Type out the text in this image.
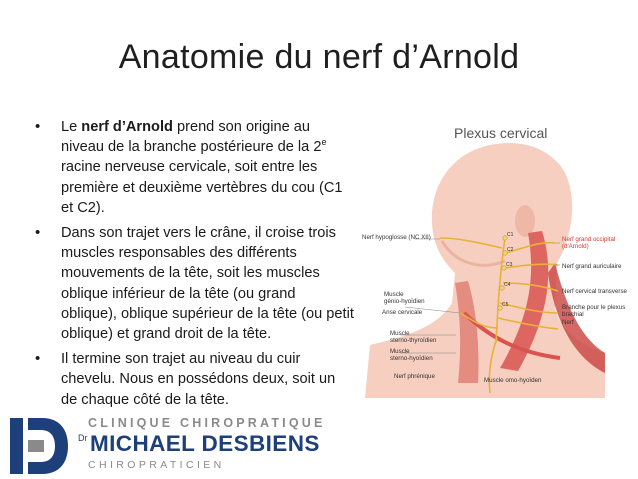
Anatomie du nerf d’Arnold
• Le nerf d’Arnold prend son origine au niveau de la branche postérieure de la 2e racine nerveuse cervicale, soit entre les première et deuxième vertèbres du cou (C1 et C2).
• Dans son trajet vers le crâne, il croise trois muscles responsables des différents mouvements de la tête, soit les muscles oblique inférieur de la tête (ou grand oblique), oblique supérieur de la tête (ou petit oblique) et grand droit de la tête.
• Il termine son trajet au niveau du cuir chevelu. Nous en possédons deux, soit un de chaque côté de la tête.
Plexus cervical
Nerf hypoglosse (NC XII)	Nerf grand occipital
(d'Arnold)
Nerf grand auriculaire
Muscle
génio-hyoïdien
Nerf cervical transverse
Anse cervicale
Branche pour le plexus
brachial
Nerf
Muscle
sterno-thyroïdien
Muscle
sterno-hyoïdien
Nerf phrénique
Muscle omo-hyoïden
C1
C2
C3
C4
C5
CLINIQUE CHIROPRATIQUE
Dr MICHAEL DESBIENS
CHIROPRATICIEN
